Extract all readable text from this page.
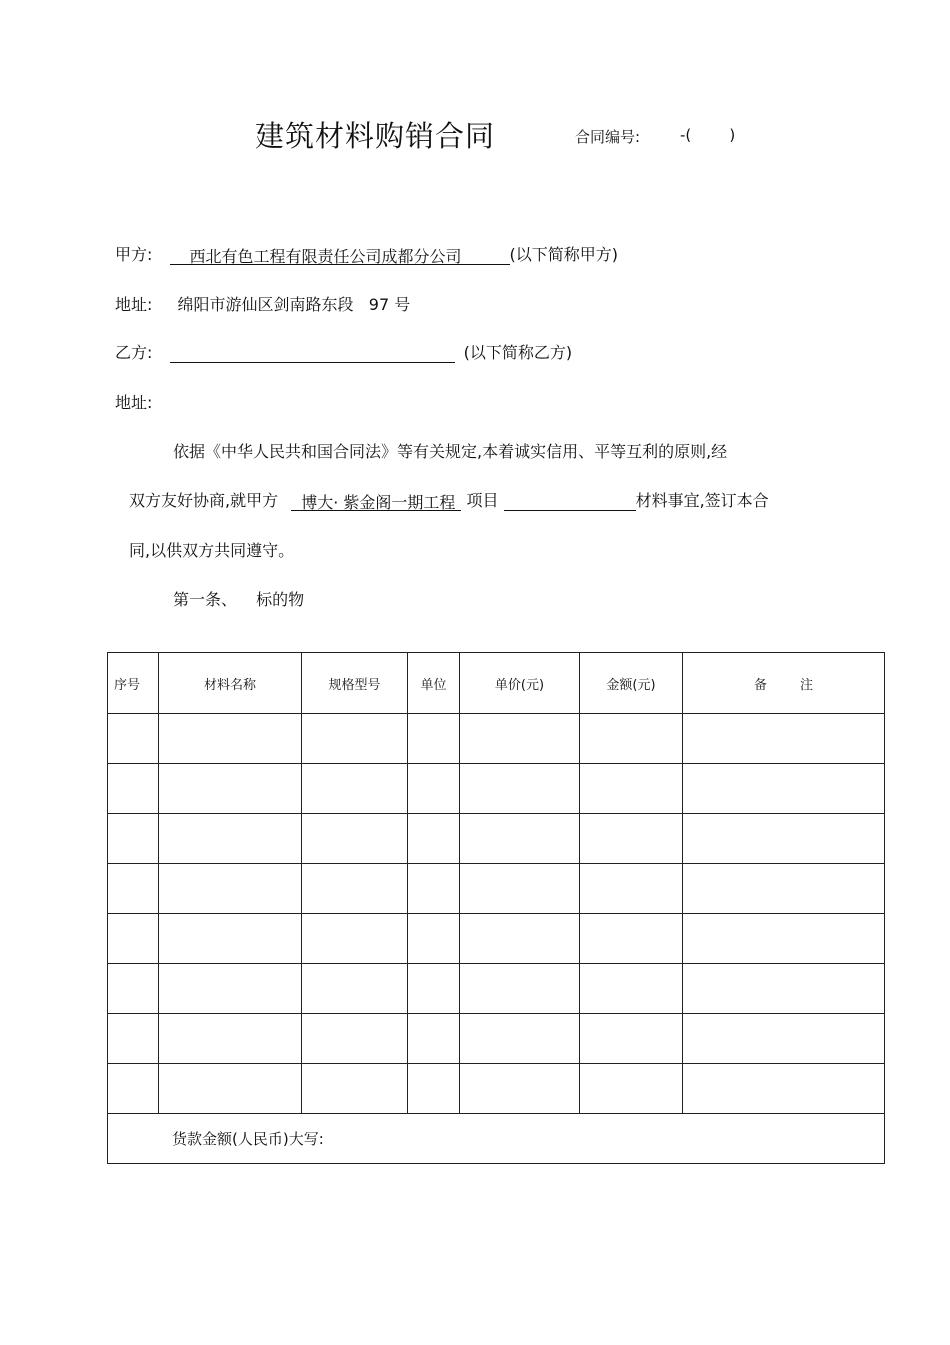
建筑材料购销合同	合同编号:	-(        )
甲方: 西北有色工程有限责任公司成都分公司	(以下简称甲方)
地址: 绵阳市游仙区剑南路东段   97 号
乙方:	(以下简称乙方)
地址:
依据《中华人民共和国合同法》等有关规定,本着诚实信用、平等互利的原则,经
双方友好协商,就甲方 博大· 紫金阁一期工程 项目	材料事宜,签订本合
同,以供双方共同遵守。
第一条、 标的物
序号	材料名称	规格型号	单位	单价(元)	金额(元)	备        注

货款金额(人民币)大写:						
